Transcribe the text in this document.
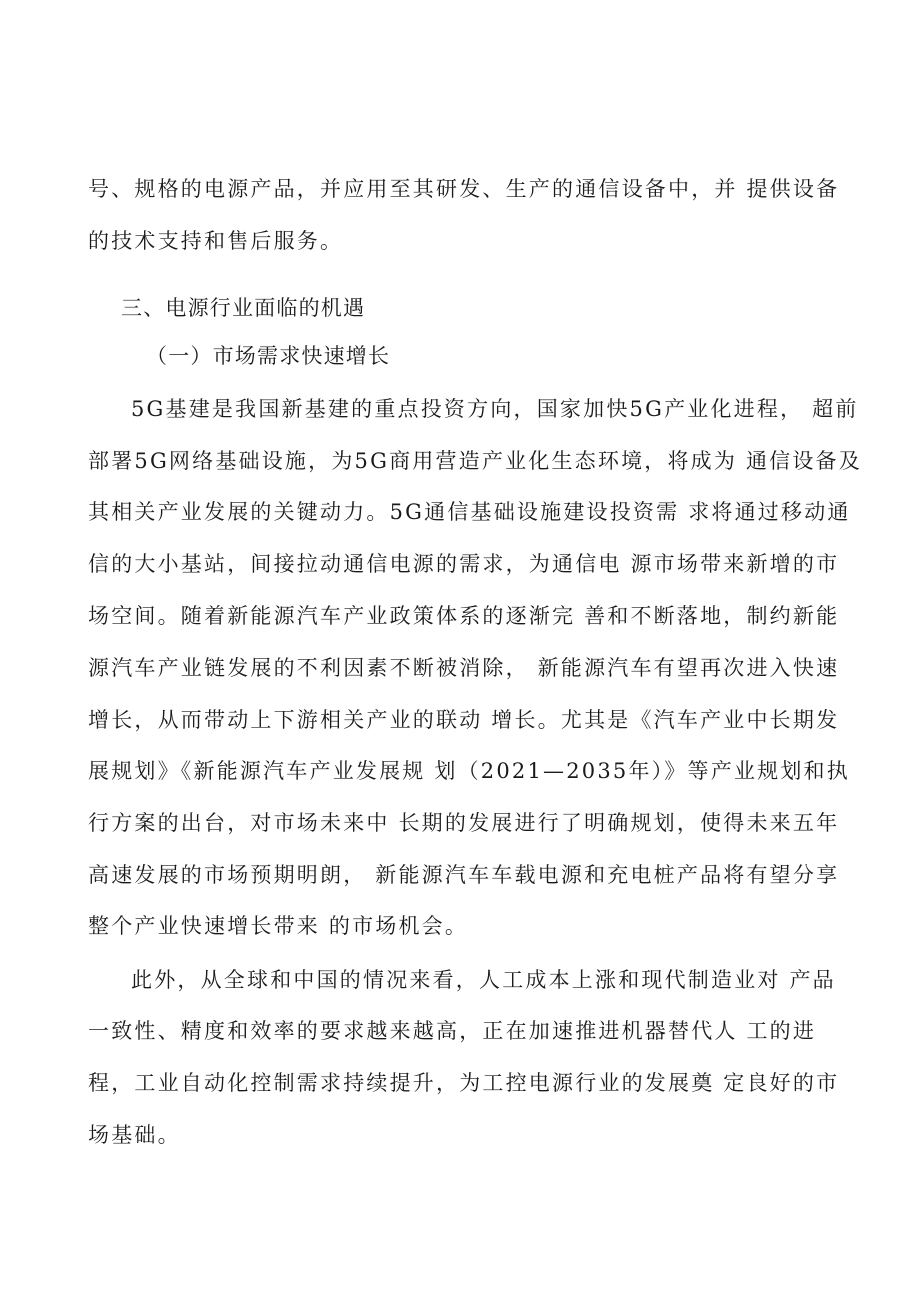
号、规格的电源产品，并应用至其研发、生产的通信设备中，并 提供设备
的技术支持和售后服务。
三、电源行业面临的机遇
（一）市场需求快速增长
5G基建是我国新基建的重点投资方向，国家加快5G产业化进程， 超前
部署5G网络基础设施，为5G商用营造产业化生态环境，将成为 通信设备及
其相关产业发展的关键动力。5G通信基础设施建设投资需 求将通过移动通
信的大小基站，间接拉动通信电源的需求，为通信电 源市场带来新增的市
场空间。随着新能源汽车产业政策体系的逐渐完 善和不断落地，制约新能
源汽车产业链发展的不利因素不断被消除， 新能源汽车有望再次进入快速
增长，从而带动上下游相关产业的联动 增长。尤其是《汽车产业中长期发
展规划》《新能源汽车产业发展规 划（2021—2035年）》等产业规划和执
行方案的出台，对市场未来中 长期的发展进行了明确规划，使得未来五年
高速发展的市场预期明朗， 新能源汽车车载电源和充电桩产品将有望分享
整个产业快速增长带来 的市场机会。
此外，从全球和中国的情况来看，人工成本上涨和现代制造业对 产品
一致性、精度和效率的要求越来越高，正在加速推进机器替代人 工的进
程，工业自动化控制需求持续提升，为工控电源行业的发展奠 定良好的市
场基础。
